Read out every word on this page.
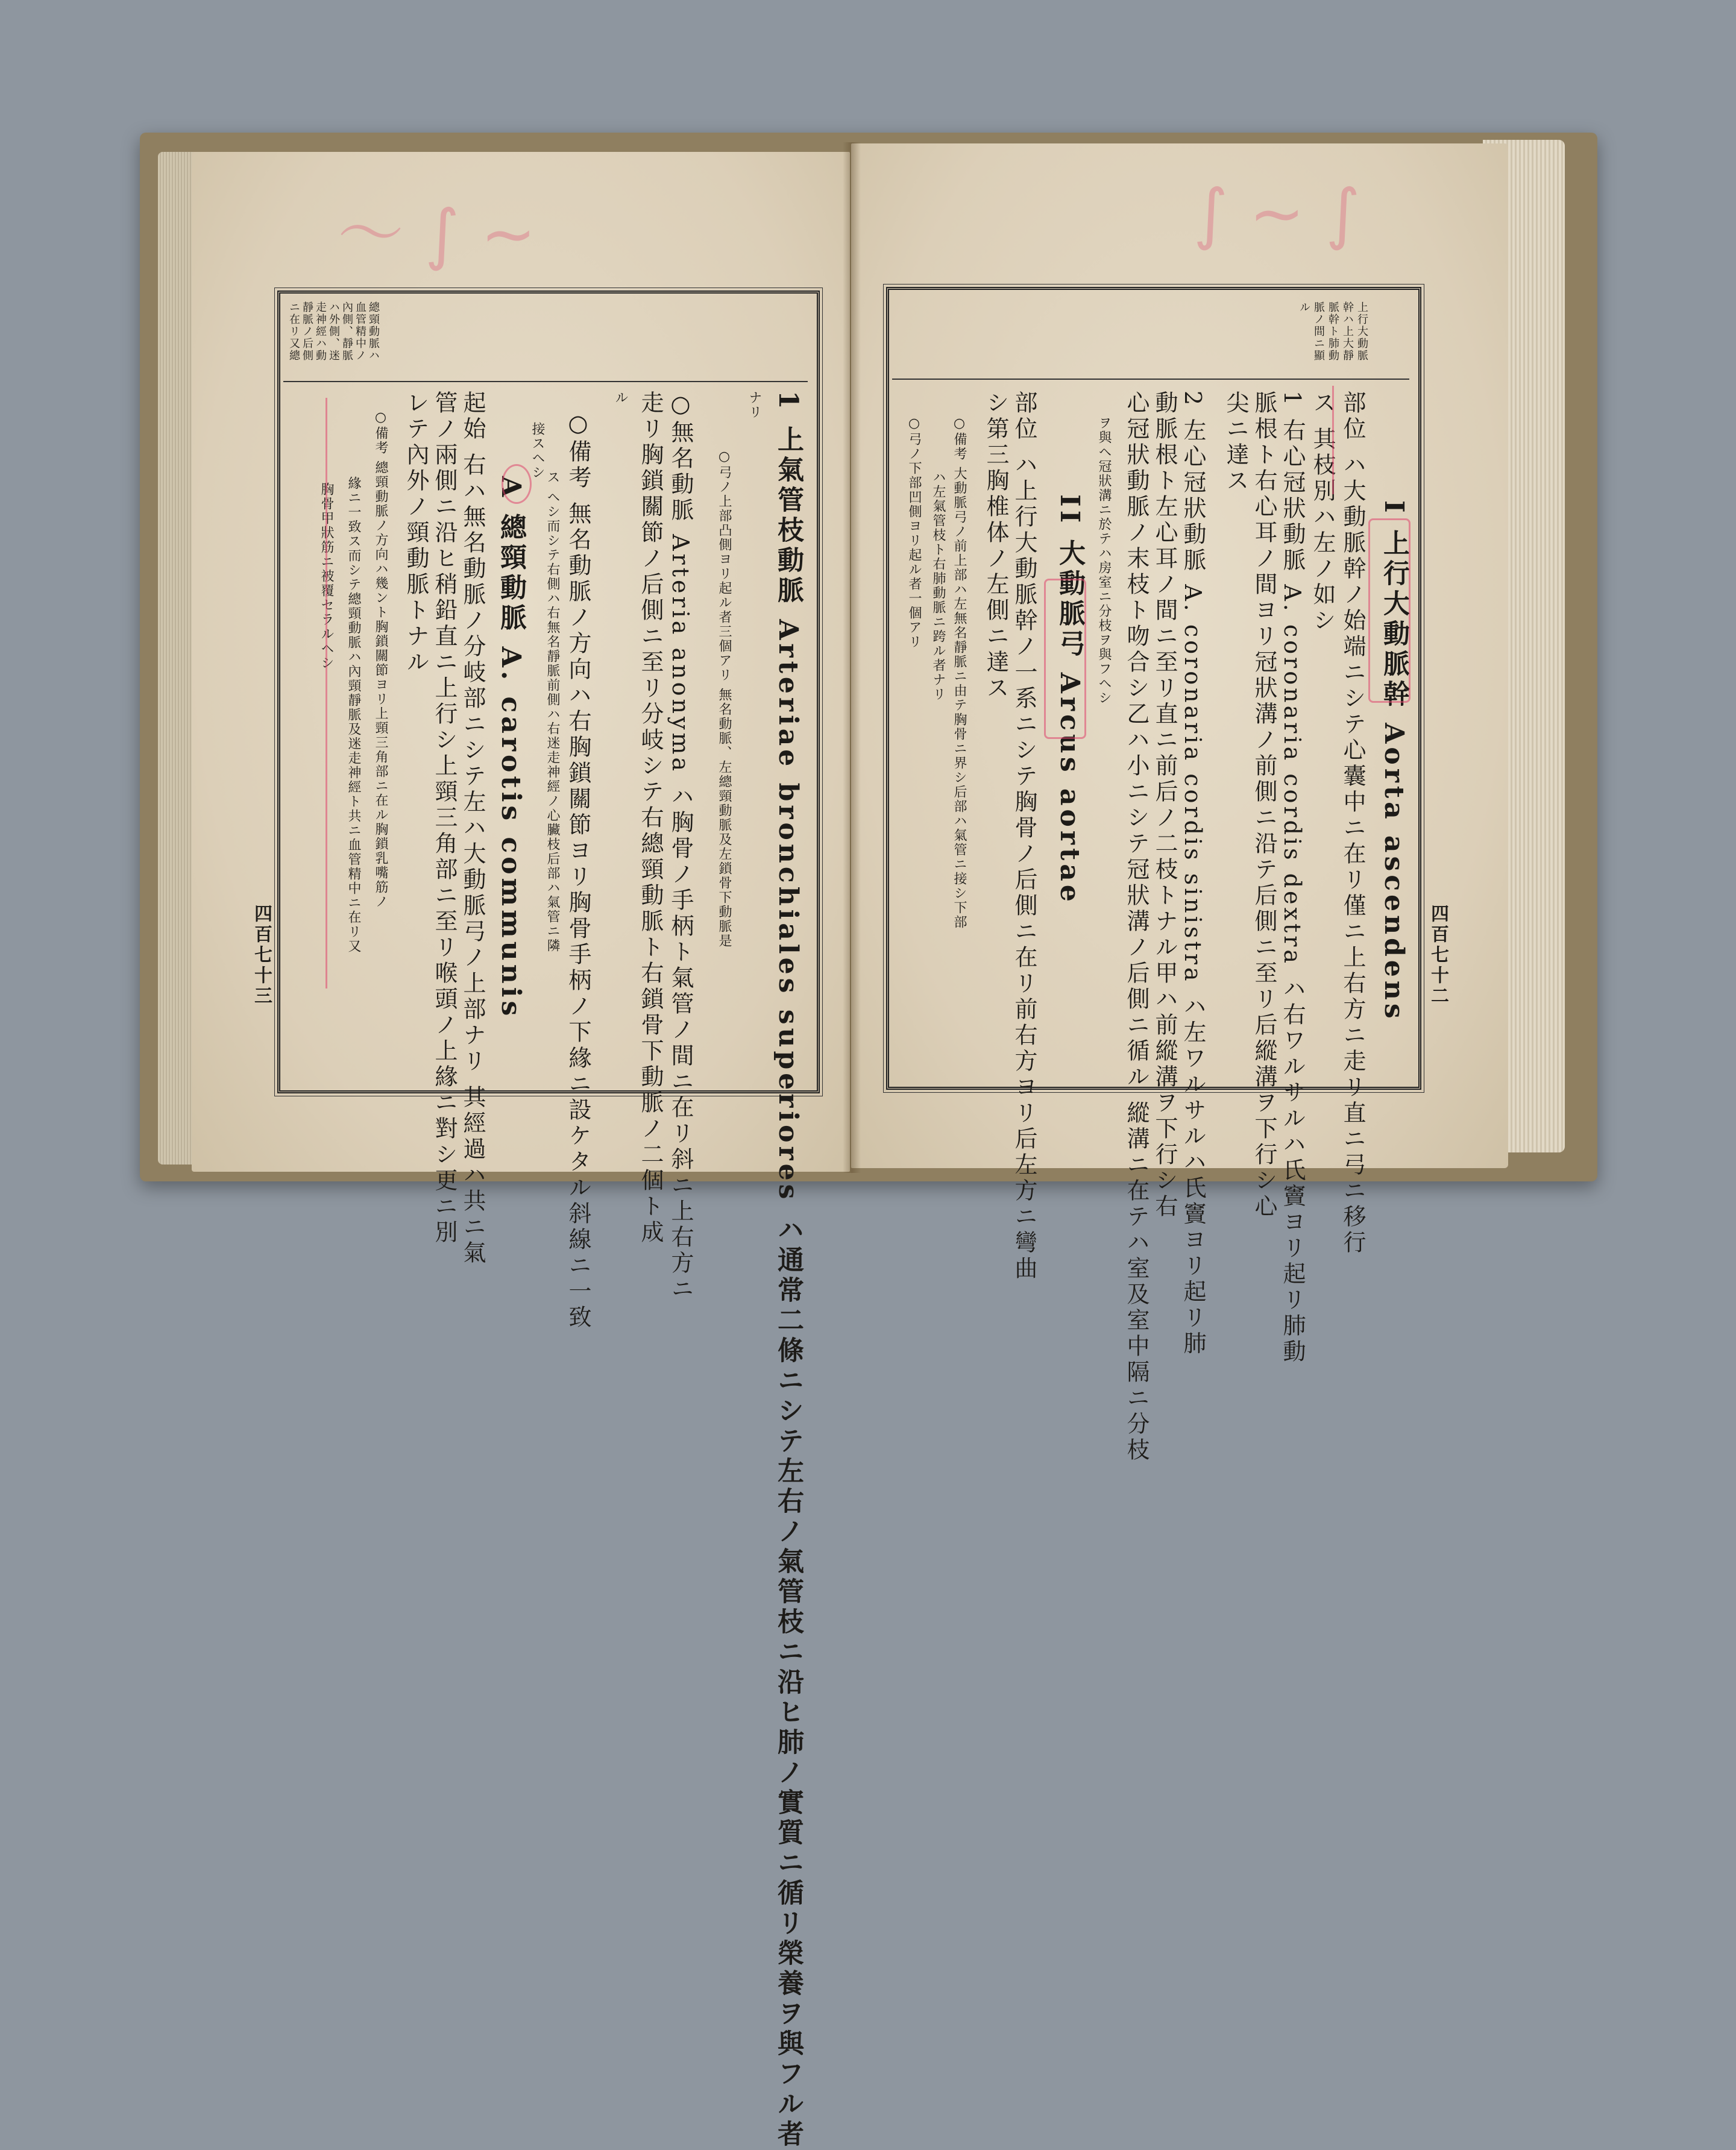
〜 ∫ ~	∫ ~ ∫
總頸動脈ハ
血管精中ノ
內側、靜脈
ハ外側、迷
走神經ハ動
靜脈ノ后側
ニ在リ又總
1 上氣管枝動脈 Arteriae bronchiales superiores ハ通常二條ニシテ左右ノ氣管枝ニ沿ヒ肺ノ實質ニ循リ榮養ヲ與フル者
ナリ
○弓ノ上部凸側ヨリ起ル者三個アリ 無名動脈、左總頸動脈及左鎖骨下動脈是
○無名動脈 Arteria anonyma ハ胸骨ノ手柄ト氣管ノ間ニ在リ斜ニ上右方ニ
走リ胸鎖關節ノ后側ニ至リ分岐シテ右總頸動脈ト右鎖骨下動脈ノ二個ト成
ル
○備考 無名動脈ノ方向ハ右胸鎖關節ヨリ胸骨手柄ノ下緣ニ設ケタル斜線ニ一致
ス ヘシ而シテ右側ハ右無名靜脈前側ハ右迷走神經ノ心臟枝后部ハ氣管ニ隣
接スヘシ
A 總頸動脈 A. carotis communis
起始 右ハ無名動脈ノ分岐部ニシテ左ハ大動脈弓ノ上部ナリ 其經過ハ共ニ氣
管ノ兩側ニ沿ヒ稍鉛直ニ上行シ上頸三角部ニ至リ喉頭ノ上緣ニ對シ更ニ別
レテ內外ノ頸動脈トナル
○備考 總頸動脈ノ方向ハ幾ント胸鎖關節ヨリ上頸三角部ニ在ル胸鎖乳嘴筋ノ
緣ニ一致ス而シテ總頸動脈ハ內頸靜脈及迷走神經ト共ニ血管精中ニ在リ又
胸骨甲狀筋ニ被覆セラルヘシ
四百七十三
上行大動脈
幹ハ上大靜
脈幹ト肺動
脈ノ間ニ顯
ル
I 上行大動脈幹 Aorta ascendens
部位 ハ大動脈幹ノ始端ニシテ心囊中ニ在リ僅ニ上右方ニ走リ直ニ弓ニ移行
ス 其枝別ハ左ノ如シ
1 右心冠狀動脈 A. coronaria cordis dextra ハ右ワルサルハ氏竇ヨリ起リ肺動
脈根ト右心耳ノ間ヨリ冠狀溝ノ前側ニ沿テ后側ニ至リ后縱溝ヲ下行シ心
尖ニ達ス
2 左心冠狀動脈 A. coronaria cordis sinistra ハ左ワルサルハ氏竇ヨリ起リ肺
動脈根ト左心耳ノ間ニ至リ直ニ前后ノ二枝トナル甲ハ前縱溝ヲ下行シ右
心冠狀動脈ノ末枝ト吻合シ乙ハ小ニシテ冠狀溝ノ后側ニ循ル 縱溝ニ在テハ室及室中隔ニ分枝
ヲ與ヘ冠狀溝ニ於テハ房室ニ分枝ヲ與フヘシ
II 大動脈弓 Arcus aortae
部位 ハ上行大動脈幹ノ一系ニシテ胸骨ノ后側ニ在リ前右方ヨリ后左方ニ彎曲
シ第三胸椎体ノ左側ニ達ス
○備考 大動脈弓ノ前上部ハ左無名靜脈ニ由テ胸骨ニ界シ后部ハ氣管ニ接シ下部
ハ左氣管枝ト右肺動脈ニ跨ル者ナリ
○弓ノ下部凹側ヨリ起ル者一個アリ
四百七十二
